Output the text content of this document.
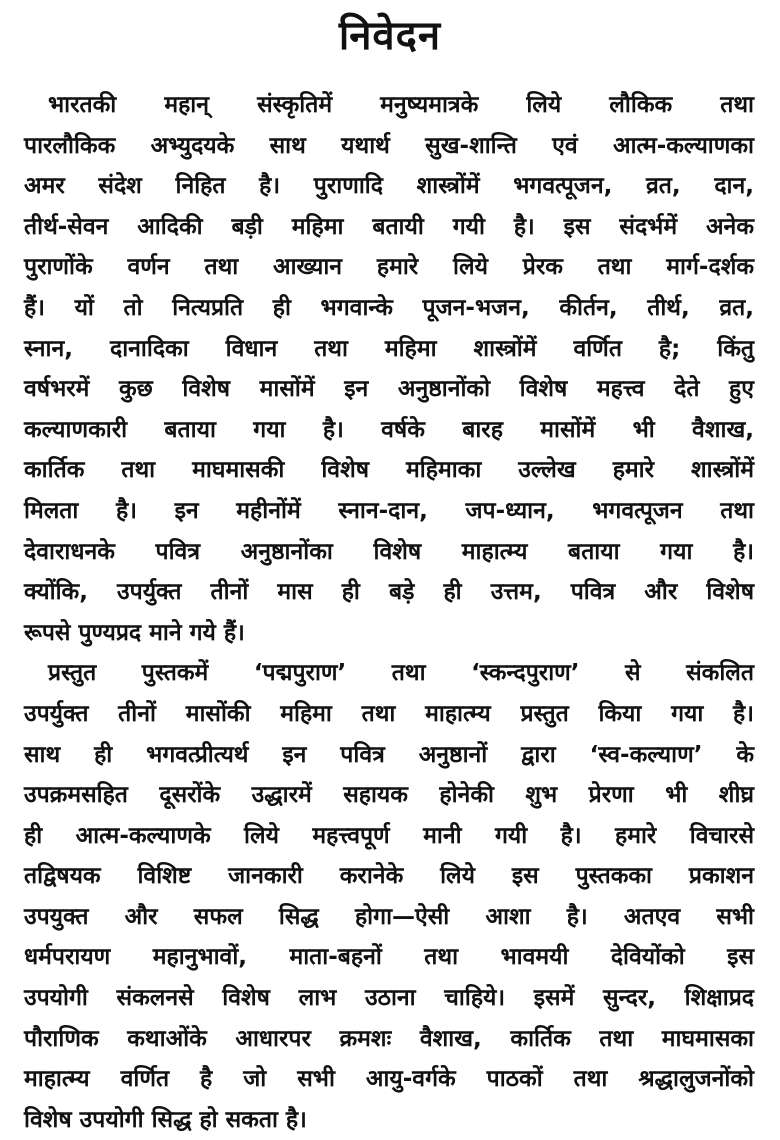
निवेदन
भारतकी महान् संस्कृतिमें मनुष्यमात्रके लिये लौकिक तथा
पारलौकिक अभ्युदयके साथ यथार्थ सुख-शान्ति एवं आत्म-कल्याणका
अमर संदेश निहित है। पुराणादि शास्त्रोंमें भगवत्पूजन, व्रत, दान,
तीर्थ-सेवन आदिकी बड़ी महिमा बतायी गयी है। इस संदर्भमें अनेक
पुराणोंके वर्णन तथा आख्यान हमारे लिये प्रेरक तथा मार्ग-दर्शक
हैं। यों तो नित्यप्रति ही भगवान्के पूजन-भजन, कीर्तन, तीर्थ, व्रत,
स्नान, दानादिका विधान तथा महिमा शास्त्रोंमें वर्णित है; किंतु
वर्षभरमें कुछ विशेष मासोंमें इन अनुष्ठानोंको विशेष महत्त्व देते हुए
कल्याणकारी बताया गया है। वर्षके बारह मासोंमें भी वैशाख,
कार्तिक तथा माघमासकी विशेष महिमाका उल्लेख हमारे शास्त्रोंमें
मिलता है। इन महीनोंमें स्नान-दान, जप-ध्यान, भगवत्पूजन तथा
देवाराधनके पवित्र अनुष्ठानोंका विशेष माहात्म्य बताया गया है।
क्योंकि, उपर्युक्त तीनों मास ही बड़े ही उत्तम, पवित्र और विशेष
रूपसे पुण्यप्रद माने गये हैं।
प्रस्तुत पुस्तकमें ‘पद्मपुराण’ तथा ‘स्कन्दपुराण’ से संकलित
उपर्युक्त तीनों मासोंकी महिमा तथा माहात्म्य प्रस्तुत किया गया है।
साथ ही भगवत्प्रीत्यर्थ इन पवित्र अनुष्ठानों द्वारा ‘स्व-कल्याण’ के
उपक्रमसहित दूसरोंके उद्धारमें सहायक होनेकी शुभ प्रेरणा भी शीघ्र
ही आत्म-कल्याणके लिये महत्त्वपूर्ण मानी गयी है। हमारे विचारसे
तद्विषयक विशिष्ट जानकारी करानेके लिये इस पुस्तकका प्रकाशन
उपयुक्त और सफल सिद्ध होगा—ऐसी आशा है। अतएव सभी
धर्मपरायण महानुभावों, माता-बहनों तथा भावमयी देवियोंको इस
उपयोगी संकलनसे विशेष लाभ उठाना चाहिये। इसमें सुन्दर, शिक्षाप्रद
पौराणिक कथाओंके आधारपर क्रमशः वैशाख, कार्तिक तथा माघमासका
माहात्म्य वर्णित है जो सभी आयु-वर्गके पाठकों तथा श्रद्धालुजनोंको
विशेष उपयोगी सिद्ध हो सकता है।
